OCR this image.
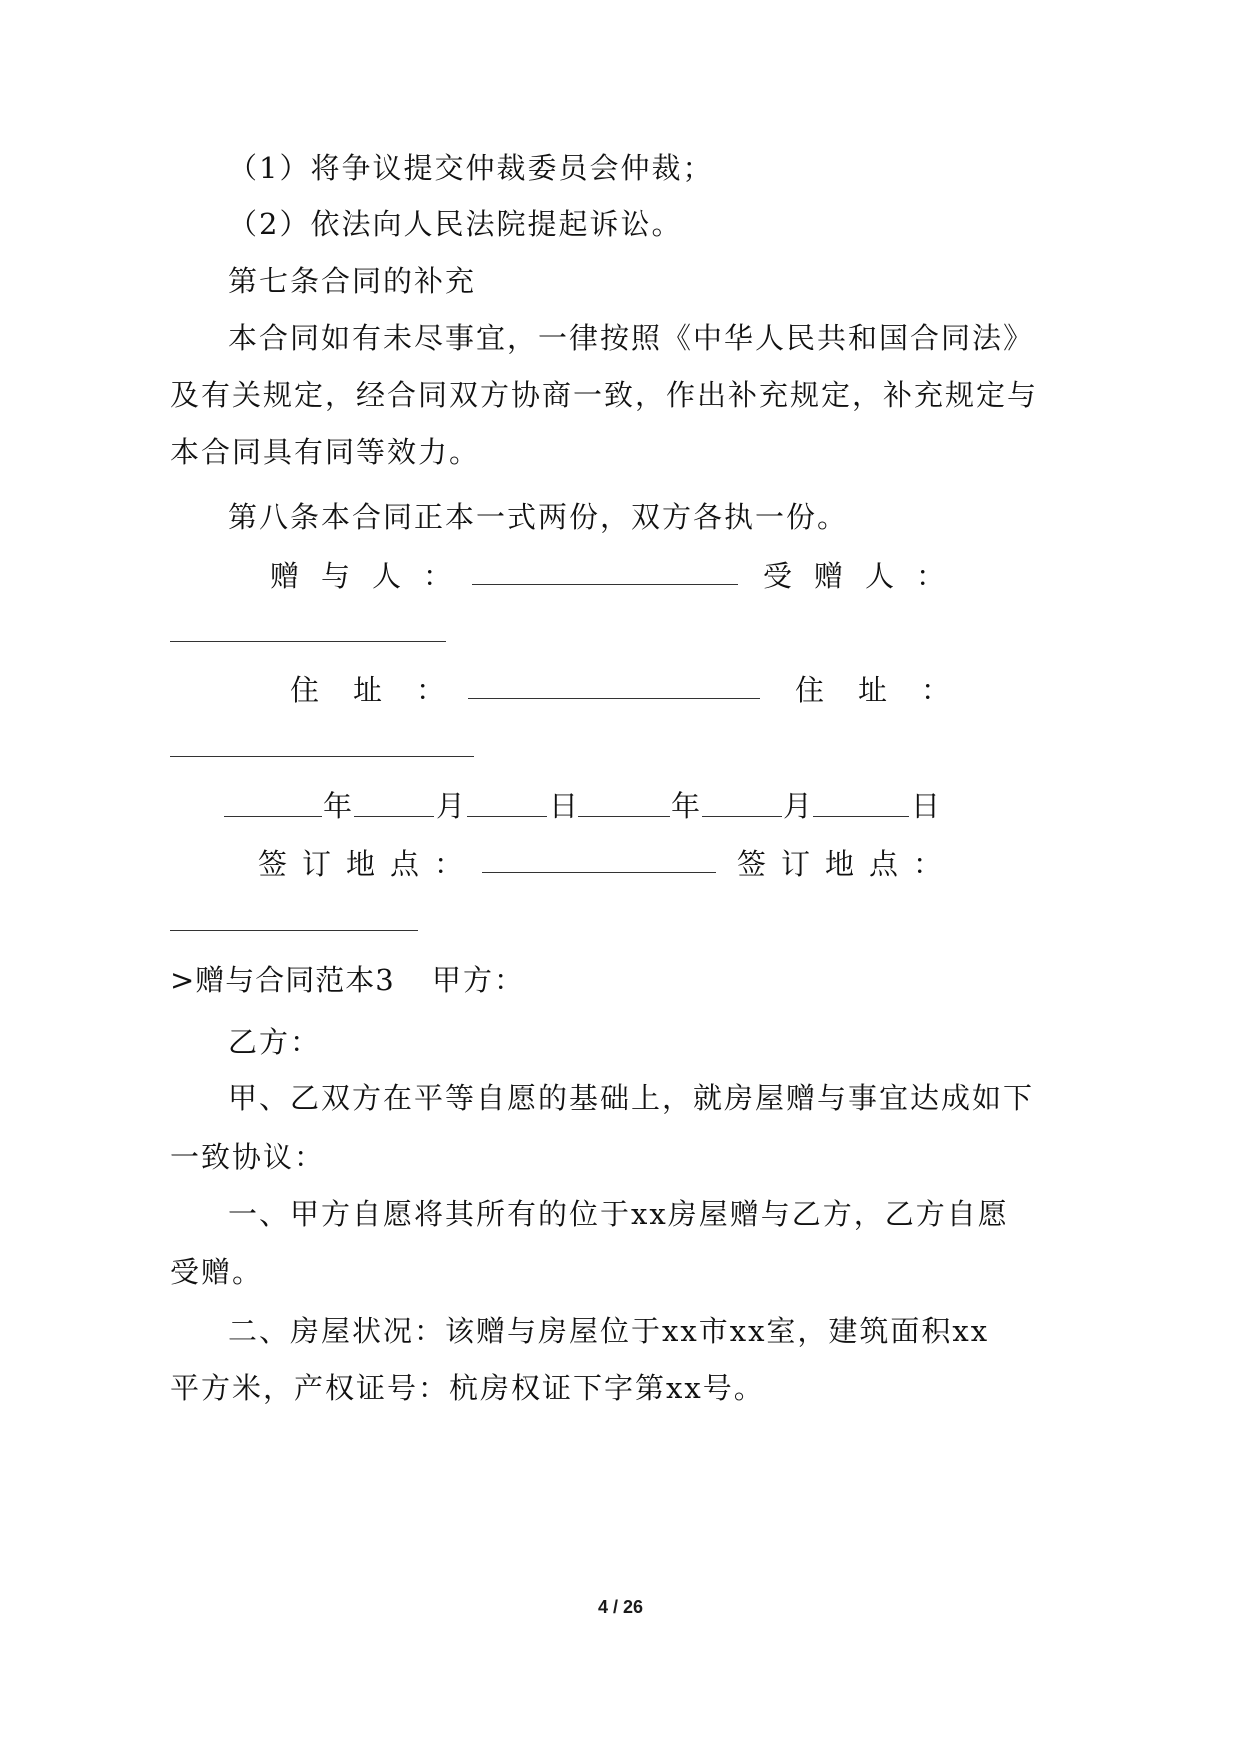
（1）将争议提交仲裁委员会仲裁；
（2）依法向人民法院提起诉讼。
第七条合同的补充
本合同如有未尽事宜，一律按照《中华人民共和国合同法》
及有关规定，经合同双方协商一致，作出补充规定，补充规定与
本合同具有同等效力。
第八条本合同正本一式两份，双方各执一份。
赠与人：	受赠人：
住址：	住址：
年	月	日	年	月	日
签订地点：	签订地点：
>赠与合同范本3 甲方：
乙方：
甲、乙双方在平等自愿的基础上，就房屋赠与事宜达成如下
一致协议：
一、甲方自愿将其所有的位于xx房屋赠与乙方，乙方自愿
受赠。
二、房屋状况：该赠与房屋位于xx市xx室，建筑面积xx
平方米，产权证号：杭房权证下字第xx号。
4 / 26
